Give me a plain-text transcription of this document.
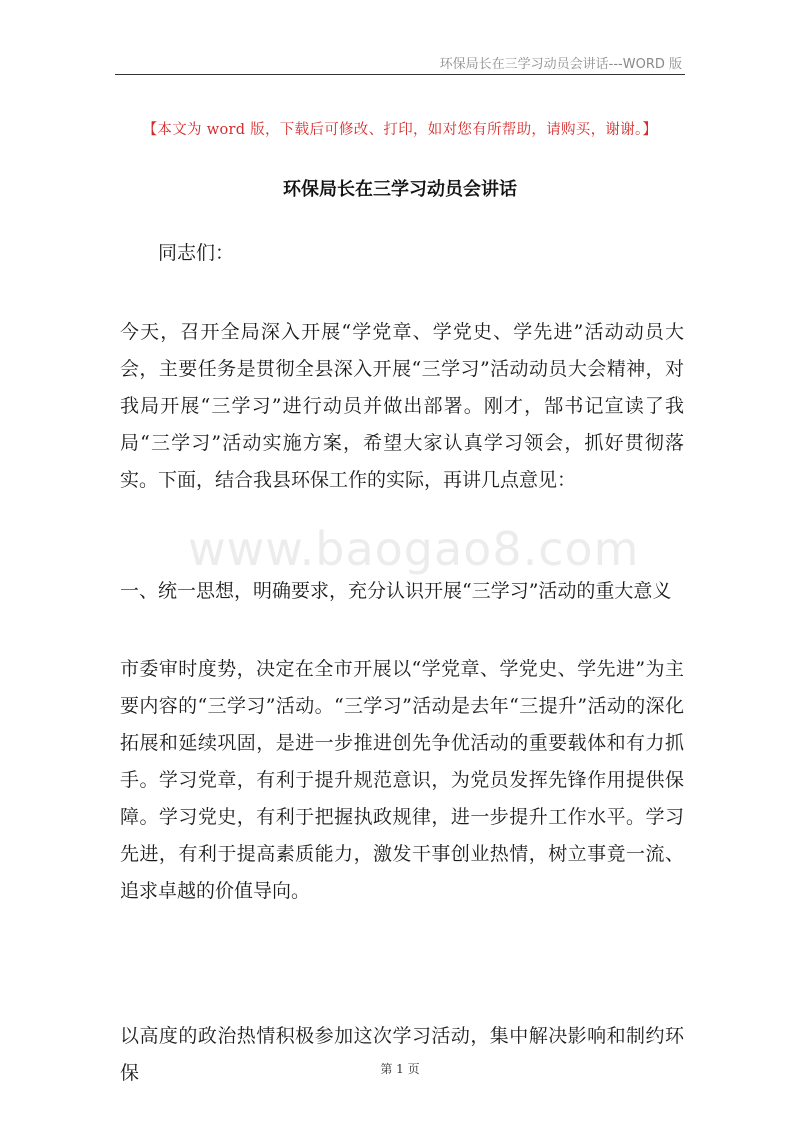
环保局长在三学习动员会讲话---WORD 版
【本文为 word 版，下载后可修改、打印，如对您有所帮助，请购买，谢谢。】
环保局长在三学习动员会讲话
同志们：
今天，召开全局深入开展“学党章、学党史、学先进”活动动员大会，主要任务是贯彻全县深入开展“三学习”活动动员大会精神，对我局开展“三学习”进行动员并做出部署。刚才，郜书记宣读了我局“三学习”活动实施方案，希望大家认真学习领会，抓好贯彻落实。下面，结合我县环保工作的实际，再讲几点意见：
www.baogao8.com
一、统一思想，明确要求，充分认识开展“三学习”活动的重大意义
市委审时度势，决定在全市开展以“学党章、学党史、学先进”为主要内容的“三学习”活动。“三学习”活动是去年“三提升”活动的深化拓展和延续巩固，是进一步推进创先争优活动的重要载体和有力抓手。学习党章，有利于提升规范意识，为党员发挥先锋作用提供保障。学习党史，有利于把握执政规律，进一步提升工作水平。学习先进，有利于提高素质能力，激发干事创业热情，树立事竟一流、追求卓越的价值导向。
以高度的政治热情积极参加这次学习活动，集中解决影响和制约环保	第 1 页
